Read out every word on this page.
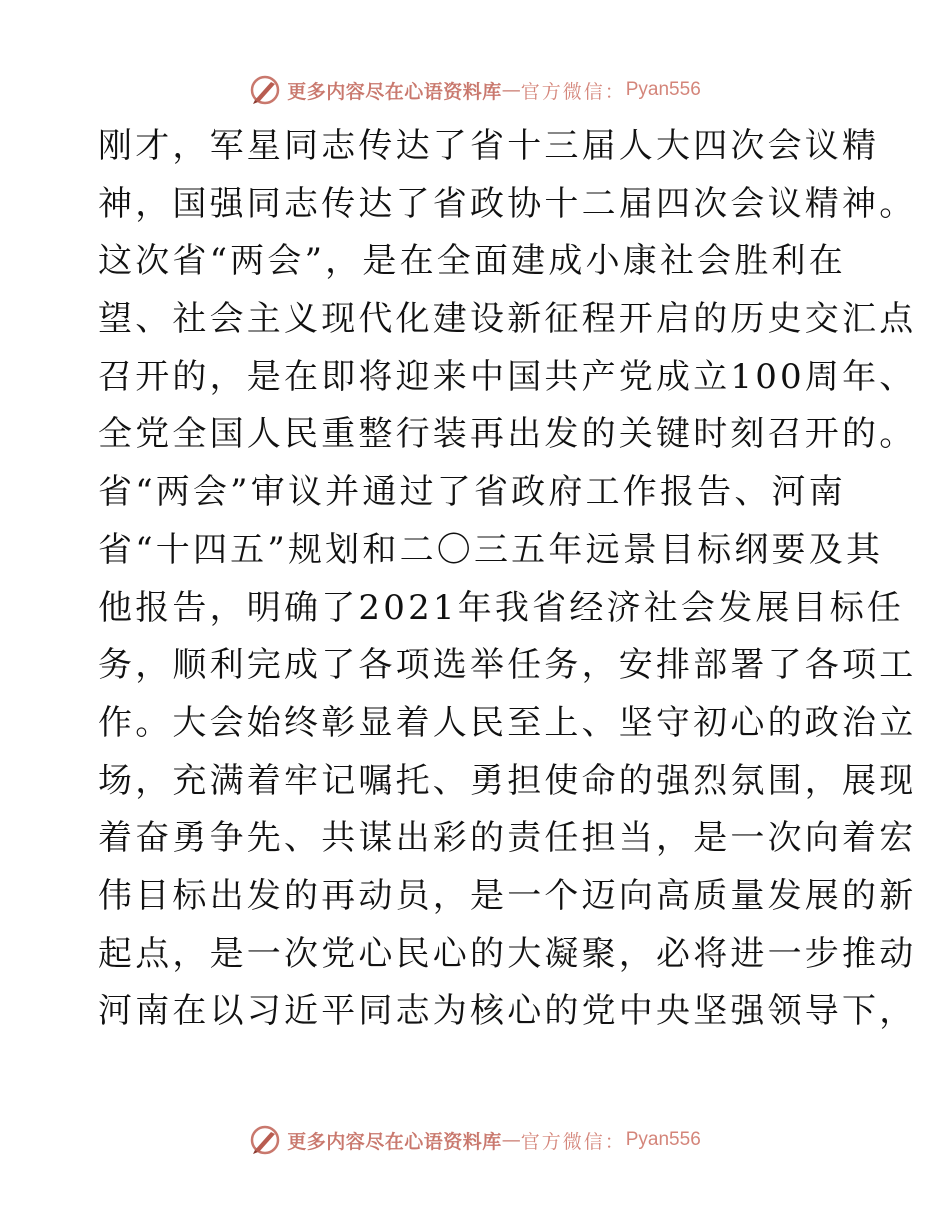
更多内容尽在心语资料库 — 官方微信： Pyan556
刚才，军星同志传达了省十三届人大四次会议精
神，国强同志传达了省政协十二届四次会议精神。
这次省“两会”，是在全面建成小康社会胜利在
望、社会主义现代化建设新征程开启的历史交汇点
召开的，是在即将迎来中国共产党成立100周年、
全党全国人民重整行装再出发的关键时刻召开的。
省“两会”审议并通过了省政府工作报告、河南
省“十四五”规划和二〇三五年远景目标纲要及其
他报告，明确了2021年我省经济社会发展目标任
务，顺利完成了各项选举任务，安排部署了各项工
作。大会始终彰显着人民至上、坚守初心的政治立
场，充满着牢记嘱托、勇担使命的强烈氛围，展现
着奋勇争先、共谋出彩的责任担当，是一次向着宏
伟目标出发的再动员，是一个迈向高质量发展的新
起点，是一次党心民心的大凝聚，必将进一步推动
河南在以习近平同志为核心的党中央坚强领导下，
更多内容尽在心语资料库 — 官方微信： Pyan556
